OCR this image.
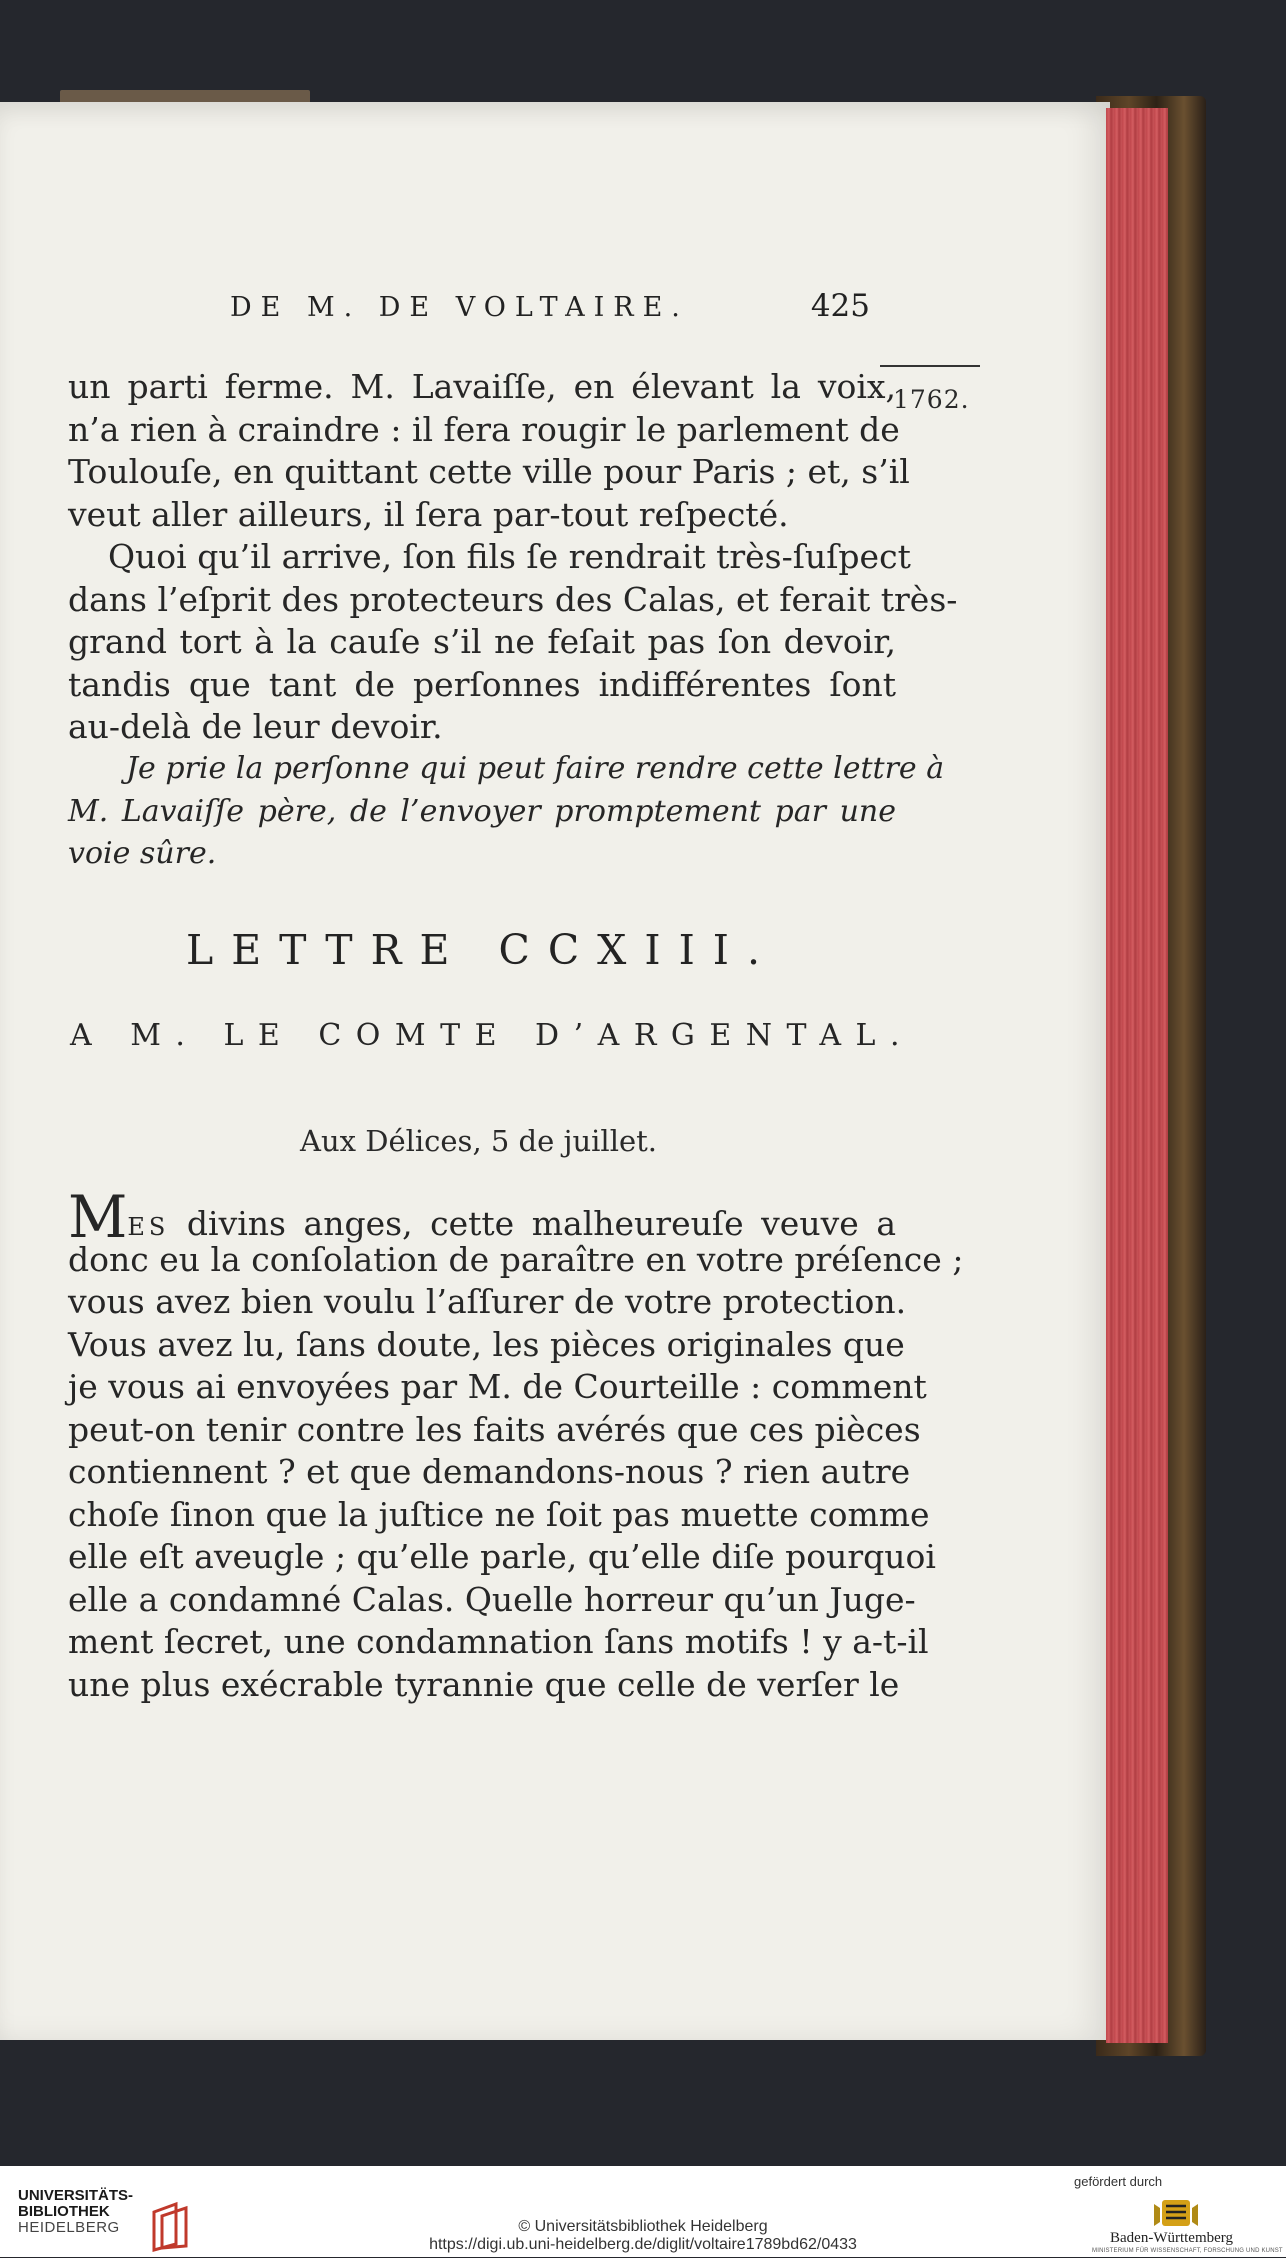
DE M. DE VOLTAIRE.	425
1762.
un parti ferme. M. Lavaiſſe, en élevant la voix,
n’a rien à craindre : il fera rougir le parlement de
Toulouſe, en quittant cette ville pour Paris ; et, s’il
veut aller ailleurs, il ſera par-tout reſpecté.
Quoi qu’il arrive, ſon fils ſe rendrait très-ſuſpect
dans l’eſprit des protecteurs des Calas, et ferait très-
grand tort à la cauſe s’il ne feſait pas ſon devoir,
tandis que tant de perſonnes indifférentes ſont
au-delà de leur devoir.
Je prie la perſonne qui peut faire rendre cette lettre à
M. Lavaiſſe père, de l’envoyer promptement par une
voie sûre.
LETTRE CCXIII.
A M. LE COMTE D’ARGENTAL.
Aux Délices, 5 de juillet.
MES divins anges, cette malheureuſe veuve a
donc eu la conſolation de paraître en votre préſence ;
vous avez bien voulu l’aſſurer de votre protection.
Vous avez lu, ſans doute, les pièces originales que
je vous ai envoyées par M. de Courteille : comment
peut-on tenir contre les faits avérés que ces pièces
contiennent ? et que demandons-nous ? rien autre
choſe ſinon que la juſtice ne ſoit pas muette comme
elle eſt aveugle ; qu’elle parle, qu’elle diſe pourquoi
elle a condamné Calas. Quelle horreur qu’un Juge-
ment ſecret, une condamnation ſans motifs ! y a-t-il
une plus exécrable tyrannie que celle de verſer le
UNIVERSITÄTS-
BIBLIOTHEK
HEIDELBERG	© Universitätsbibliothek Heidelberg
https://digi.ub.uni-heidelberg.de/diglit/voltaire1789bd62/0433
gefördert durch
Baden-Württemberg
MINISTERIUM FÜR WISSENSCHAFT, FORSCHUNG UND KUNST
